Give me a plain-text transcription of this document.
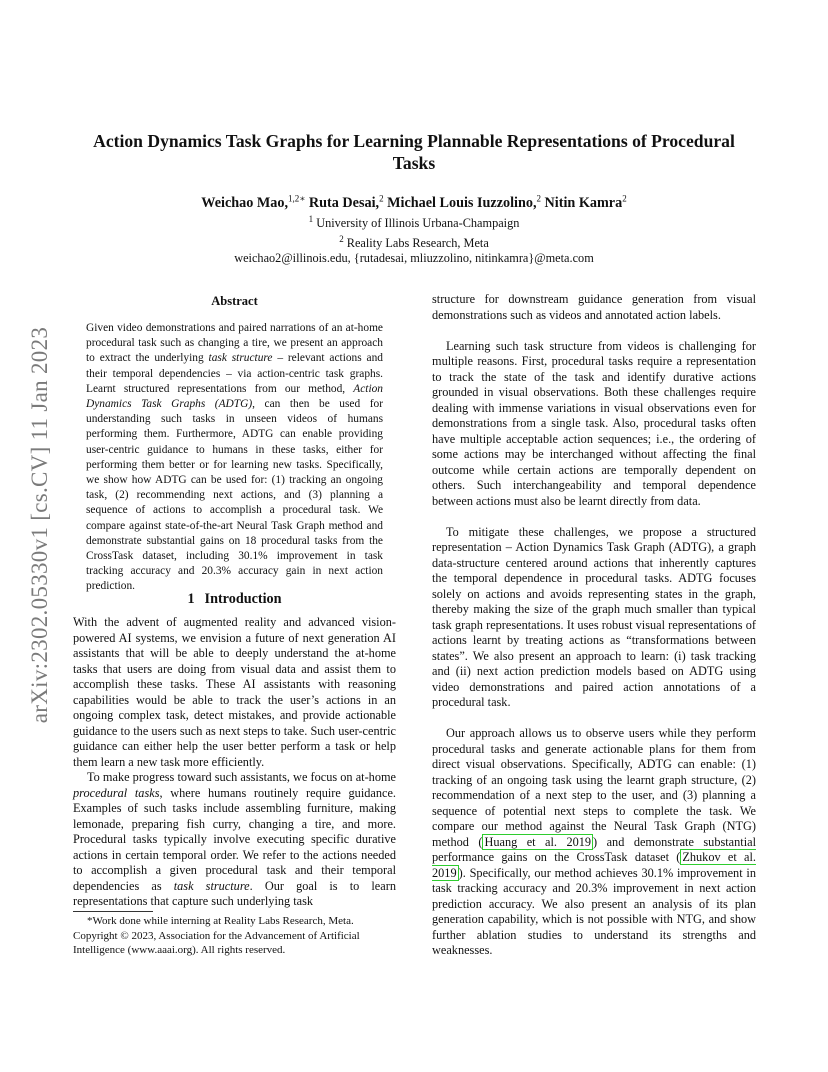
arXiv:2302.05330v1 [cs.CV] 11 Jan 2023
Action Dynamics Task Graphs for Learning Plannable Representations of Procedural Tasks
Weichao Mao,$^{1,2∗}$ Ruta Desai,$^2$ Michael Louis Iuzzolino,$^2$ Nitin Kamra$^2$
$^1$ University of Illinois Urbana-Champaign
$^2$ Reality Labs Research, Meta
weichao2@illinois.edu, {rutadesai, mliuzzolino, nitinkamra}@meta.com
Abstract

Given video demonstrations and paired narrations of an at-home procedural task such as changing a tire, we present an approach to extract the underlying task structure – relevant actions and their temporal dependencies – via action-centric task graphs. Learnt structured representations from our method, Action Dynamics Task Graphs (ADTG), can then be used for understanding such tasks in unseen videos of humans performing them. Furthermore, ADTG can enable providing user-centric guidance to humans in these tasks, either for performing them better or for learning new tasks. Specifically, we show how ADTG can be used for: (1) tracking an ongoing task, (2) recommending next actions, and (3) planning a sequence of actions to accomplish a procedural task. We compare against state-of-the-art Neural Task Graph method and demonstrate substantial gains on 18 procedural tasks from the CrossTask dataset, including 30.1% improvement in task tracking accuracy and 20.3% accuracy gain in next action prediction.

1 Introduction

With the advent of augmented reality and advanced vision-powered AI systems, we envision a future of next generation AI assistants that will be able to deeply understand the at-home tasks that users are doing from visual data and assist them to accomplish these tasks. These AI assistants with reasoning capabilities would be able to track the user’s actions in an ongoing complex task, detect mistakes, and provide actionable guidance to the users such as next steps to take. Such user-centric guidance can either help the user better perform a task or help them learn a new task more efficiently.

To make progress toward such assistants, we focus on at-home procedural tasks, where humans routinely require guidance. Examples of such tasks include assembling furniture, making lemonade, preparing fish curry, changing a tire, and more. Procedural tasks typically involve executing specific durative actions in certain temporal order. We refer to the actions needed to accomplish a given procedural task and their temporal dependencies as task structure. Our goal is to learn representations that capture such underlying task

*Work done while interning at Reality Labs Research, Meta.

Copyright © 2023, Association for the Advancement of Artificial Intelligence (www.aaai.org). All rights reserved.

structure for downstream guidance generation from visual demonstrations such as videos and annotated action labels.

Learning such task structure from videos is challenging for multiple reasons. First, procedural tasks require a representation to track the state of the task and identify durative actions grounded in visual observations. Both these challenges require dealing with immense variations in visual observations even for demonstrations from a single task. Also, procedural tasks often have multiple acceptable action sequences; i.e., the ordering of some actions may be interchanged without affecting the final outcome while certain actions are temporally dependent on others. Such interchangeability and temporal dependence between actions must also be learnt directly from data.

To mitigate these challenges, we propose a structured representation – Action Dynamics Task Graph (ADTG), a graph data-structure centered around actions that inherently captures the temporal dependence in procedural tasks. ADTG focuses solely on actions and avoids representing states in the graph, thereby making the size of the graph much smaller than typical task graph representations. It uses robust visual representations of actions learnt by treating actions as “transformations between states”. We also present an approach to learn: (i) task tracking and (ii) next action prediction models based on ADTG using video demonstrations and paired action annotations of a procedural task.

Our approach allows us to observe users while they perform procedural tasks and generate actionable plans for them from direct visual observations. Specifically, ADTG can enable: (1) tracking of an ongoing task using the learnt graph structure, (2) recommendation of a next step to the user, and (3) planning a sequence of potential next steps to complete the task. We compare our method against the Neural Task Graph (NTG) method ( Huang et al. 2019 ) and demonstrate substantial performance gains on the CrossTask dataset ( Zhukov et al. 2019 ). Specifically, our method achieves 30.1% improvement in task tracking accuracy and 20.3% improvement in next action prediction accuracy. We also present an analysis of its plan generation capability, which is not possible with NTG, and show further ablation studies to understand its strengths and weaknesses.
